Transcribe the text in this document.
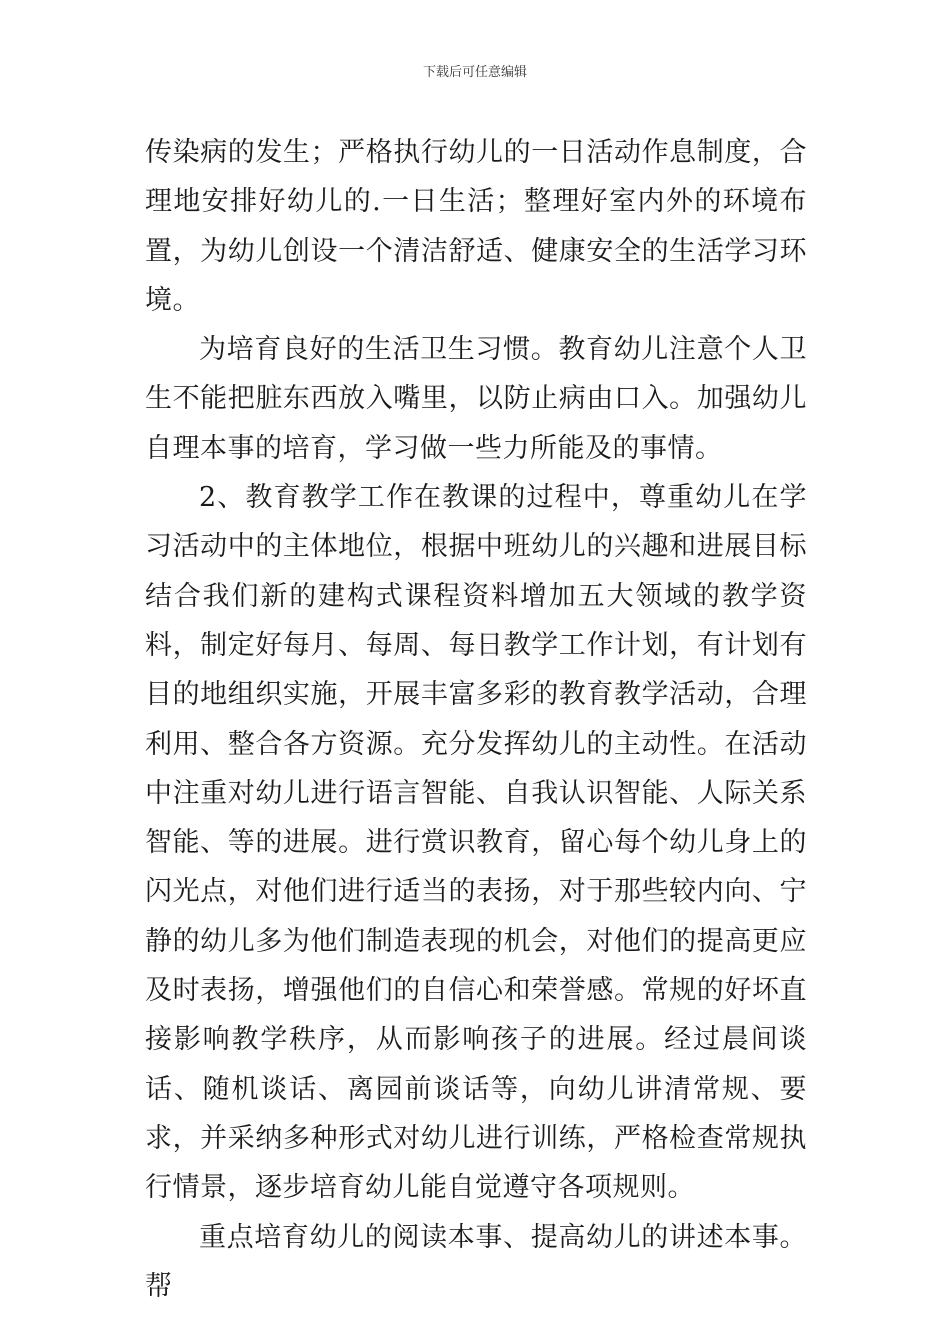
下载后可任意编辑

传染病的发生；严格执行幼儿的一日活动作息制度，合理地安排好幼儿的.一日生活；整理好室内外的环境布置，为幼儿创设一个清洁舒适、健康安全的生活学习环境。

为培育良好的生活卫生习惯。教育幼儿注意个人卫生不能把脏东西放入嘴里，以防止病由口入。加强幼儿自理本事的培育，学习做一些力所能及的事情。

2、教育教学工作在教课的过程中，尊重幼儿在学习活动中的主体地位，根据中班幼儿的兴趣和进展目标结合我们新的建构式课程资料增加五大领域的教学资料，制定好每月、每周、每日教学工作计划，有计划有目的地组织实施，开展丰富多彩的教育教学活动，合理利用、整合各方资源。充分发挥幼儿的主动性。在活动中注重对幼儿进行语言智能、自我认识智能、人际关系智能、等的进展。进行赏识教育，留心每个幼儿身上的闪光点，对他们进行适当的表扬，对于那些较内向、宁静的幼儿多为他们制造表现的机会，对他们的提高更应及时表扬，增强他们的自信心和荣誉感。常规的好坏直接影响教学秩序，从而影响孩子的进展。经过晨间谈话、随机谈话、离园前谈话等，向幼儿讲清常规、要求，并采纳多种形式对幼儿进行训练，严格检查常规执行情景，逐步培育幼儿能自觉遵守各项规则。

重点培育幼儿的阅读本事、提高幼儿的讲述本事。帮
